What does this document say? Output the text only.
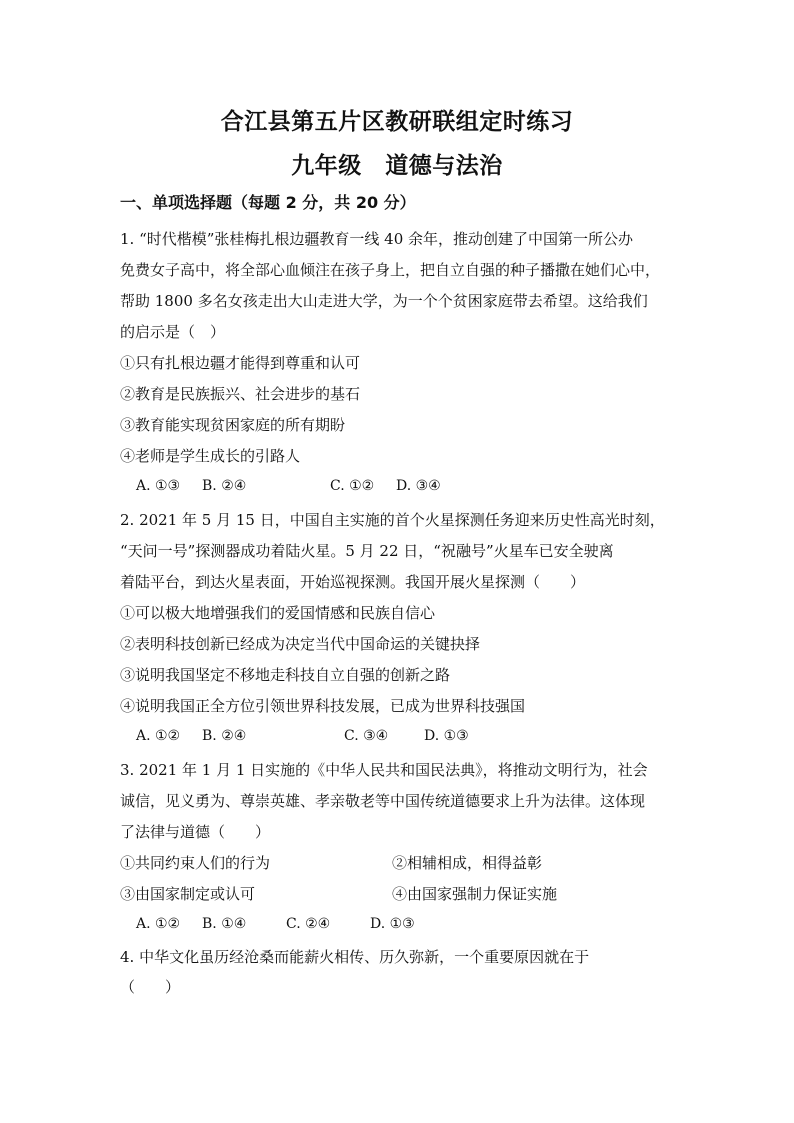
合江县第五片区教研联组定时练习
九年级　道德与法治
一、单项选择题（每题 2 分，共 20 分）
1. “时代楷模”张桂梅扎根边疆教育一线 40 余年，推动创建了中国第一所公办
免费女子高中，将全部心血倾注在孩子身上，把自立自强的种子播撒在她们心中，
帮助 1800 多名女孩走出大山走进大学，为一个个贫困家庭带去希望。这给我们
的启示是（　）
①只有扎根边疆才能得到尊重和认可
②教育是民族振兴、社会进步的基石
③教育能实现贫困家庭的所有期盼
④老师是学生成长的引路人
A. ①③ B. ②④	C. ①② D. ③④
2. 2021 年 5 月 15 日，中国自主实施的首个火星探测任务迎来历史性高光时刻，
“天问一号”探测器成功着陆火星。5 月 22 日，“祝融号”火星车已安全驶离
着陆平台，到达火星表面，开始巡视探测。我国开展火星探测（　　）
①可以极大地增强我们的爱国情感和民族自信心
②表明科技创新已经成为决定当代中国命运的关键抉择
③说明我国坚定不移地走科技自立自强的创新之路
④说明我国正全方位引领世界科技发展，已成为世界科技强国
A. ①② B. ②④	C. ③④	D. ①③
3. 2021 年 1 月 1 日实施的《中华人民共和国民法典》，将推动文明行为，社会
诚信，见义勇为、尊崇英雄、孝亲敬老等中国传统道德要求上升为法律。这体现
了法律与道德（　　）
①共同约束人们的行为	②相辅相成，相得益彰
③由国家制定或认可	④由国家强制力保证实施
A. ①② B. ①④	C. ②④	D. ①③
4. 中华文化虽历经沧桑而能薪火相传、历久弥新，一个重要原因就在于
（　　）
